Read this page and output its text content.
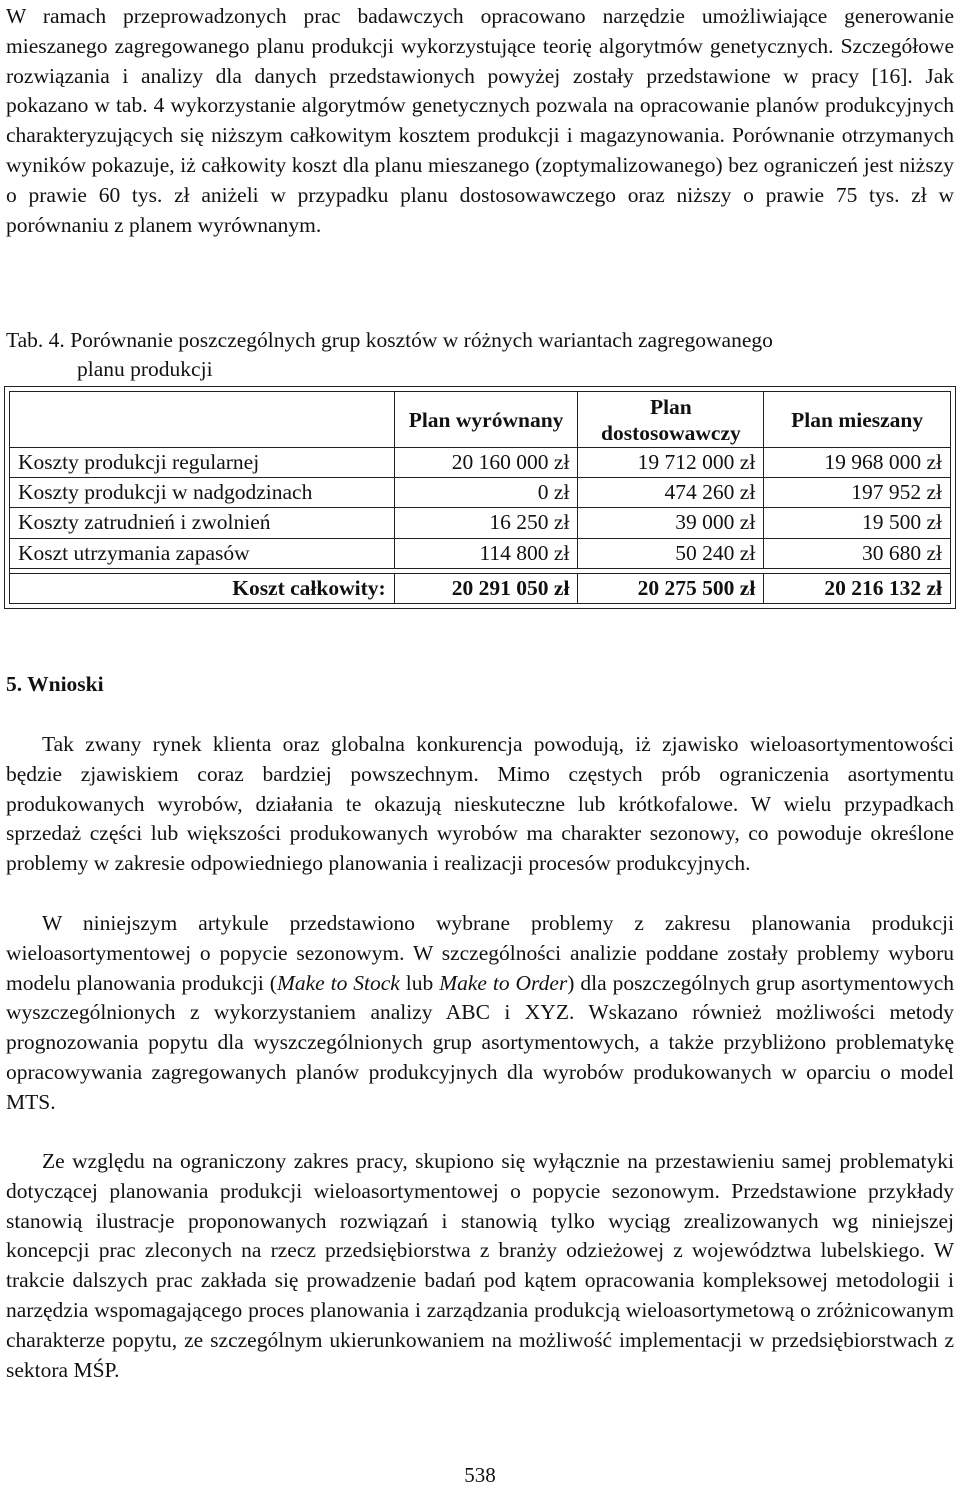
W ramach przeprowadzonych prac badawczych opracowano narzędzie umożliwiające generowanie mieszanego zagregowanego planu produkcji wykorzystujące teorię algorytmów genetycznych. Szczegółowe rozwiązania i analizy dla danych przedstawionych powyżej zostały przedstawione w pracy [16]. Jak pokazano w tab. 4 wykorzystanie algorytmów genetycznych pozwala na opracowanie planów produkcyjnych charakteryzujących się niższym całkowitym kosztem produkcji i magazynowania. Porównanie otrzymanych wyników pokazuje, iż całkowity koszt dla planu mieszanego (zoptymalizowanego) bez ograniczeń jest niższy o prawie 60 tys. zł aniżeli w przypadku planu dostosowawczego oraz niższy o prawie 75 tys. zł w porównaniu z planem wyrównanym.

Tab. 4. Porównanie poszczególnych grup kosztów w różnych wariantach zagregowanego
planu produkcji
	Plan wyrównany	Plan dostosowawczy	Plan mieszany
Koszty produkcji regularnej	20 160 000 zł	19 712 000 zł	19 968 000 zł
Koszty produkcji w nadgodzinach	0 zł	474 260 zł	197 952 zł
Koszty zatrudnień i zwolnień	16 250 zł	39 000 zł	19 500 zł
Koszt utrzymania zapasów	114 800 zł	50 240 zł	30 680 zł

Koszt całkowity:	20 291 050 zł	20 275 500 zł	20 216 132 zł
5. Wnioski

Tak zwany rynek klienta oraz globalna konkurencja powodują, iż zjawisko wieloasortymentowości będzie zjawiskiem coraz bardziej powszechnym. Mimo częstych prób ograniczenia asortymentu produkowanych wyrobów, działania te okazują nieskuteczne lub krótkofalowe. W wielu przypadkach sprzedaż części lub większości produkowanych wyrobów ma charakter sezonowy, co powoduje określone problemy w zakresie odpowiedniego planowania i realizacji procesów produkcyjnych.

W niniejszym artykule przedstawiono wybrane problemy z zakresu planowania produkcji wieloasortymentowej o popycie sezonowym. W szczególności analizie poddane zostały problemy wyboru modelu planowania produkcji (Make to Stock lub Make to Order) dla poszczególnych grup asortymentowych wyszczególnionych z wykorzystaniem analizy ABC i XYZ. Wskazano również możliwości metody prognozowania popytu dla wyszczególnionych grup asortymentowych, a także przybliżono problematykę opracowywania zagregowanych planów produkcyjnych dla wyrobów produkowanych w oparciu o model MTS.

Ze względu na ograniczony zakres pracy, skupiono się wyłącznie na przestawieniu samej problematyki dotyczącej planowania produkcji wieloasortymentowej o popycie sezonowym. Przedstawione przykłady stanowią ilustracje proponowanych rozwiązań i stanowią tylko wyciąg zrealizowanych wg niniejszej koncepcji prac zleconych na rzecz przedsiębiorstwa z branży odzieżowej z województwa lubelskiego. W trakcie dalszych prac zakłada się prowadzenie badań pod kątem opracowania kompleksowej metodologii i narzędzia wspomagającego proces planowania i zarządzania produkcją wieloasortymetową o zróżnicowanym charakterze popytu, ze szczególnym ukierunkowaniem na możliwość implementacji w przedsiębiorstwach z sektora MŚP.

538
